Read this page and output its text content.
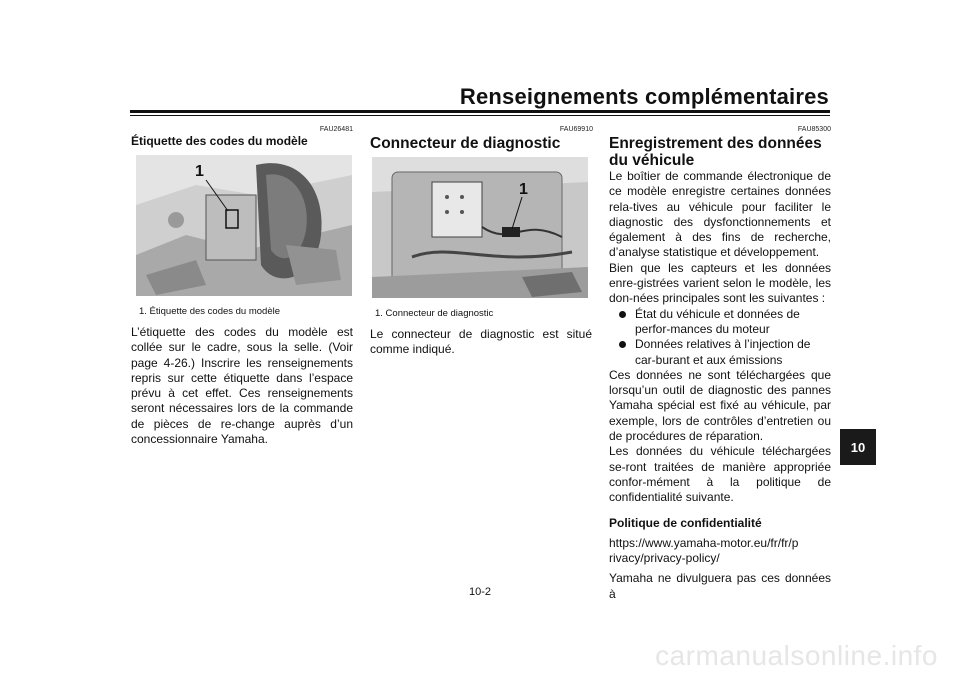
Renseignements complémentaires
FAU26481
Étiquette des codes du modèle
1
1. Étiquette des codes du modèle
L’étiquette des codes du modèle est collée sur le cadre, sous la selle. (Voir page 4-26.) Inscrire les renseignements repris sur cette étiquette dans l’espace prévu à cet effet. Ces renseignements seront nécessaires lors de la commande de pièces de re-change auprès d’un concessionnaire Yamaha.
FAU69910
Connecteur de diagnostic
1
1. Connecteur de diagnostic
Le connecteur de diagnostic est situé comme indiqué.
FAU85300
Enregistrement des données du véhicule
Le boîtier de commande électronique de ce modèle enregistre certaines données rela-tives au véhicule pour faciliter le diagnostic des dysfonctionnements et également à des fins de recherche, d’analyse statistique et développement.
Bien que les capteurs et les données enre-gistrées varient selon le modèle, les don-nées principales sont les suivantes :
État du véhicule et données de perfor-mances du moteur
Données relatives à l’injection de car-burant et aux émissions
Ces données ne sont téléchargées que lorsqu’un outil de diagnostic des pannes Yamaha spécial est fixé au véhicule, par exemple, lors de contrôles d’entretien ou de procédures de réparation.
Les données du véhicule téléchargées se-ront traitées de manière appropriée confor-mément à la politique de confidentialité suivante.
Politique de confidentialité
https://www.yamaha-motor.eu/fr/fr/privacy/privacy-policy/
Yamaha ne divulguera pas ces données à
10
10-2
carmanualsonline.info
